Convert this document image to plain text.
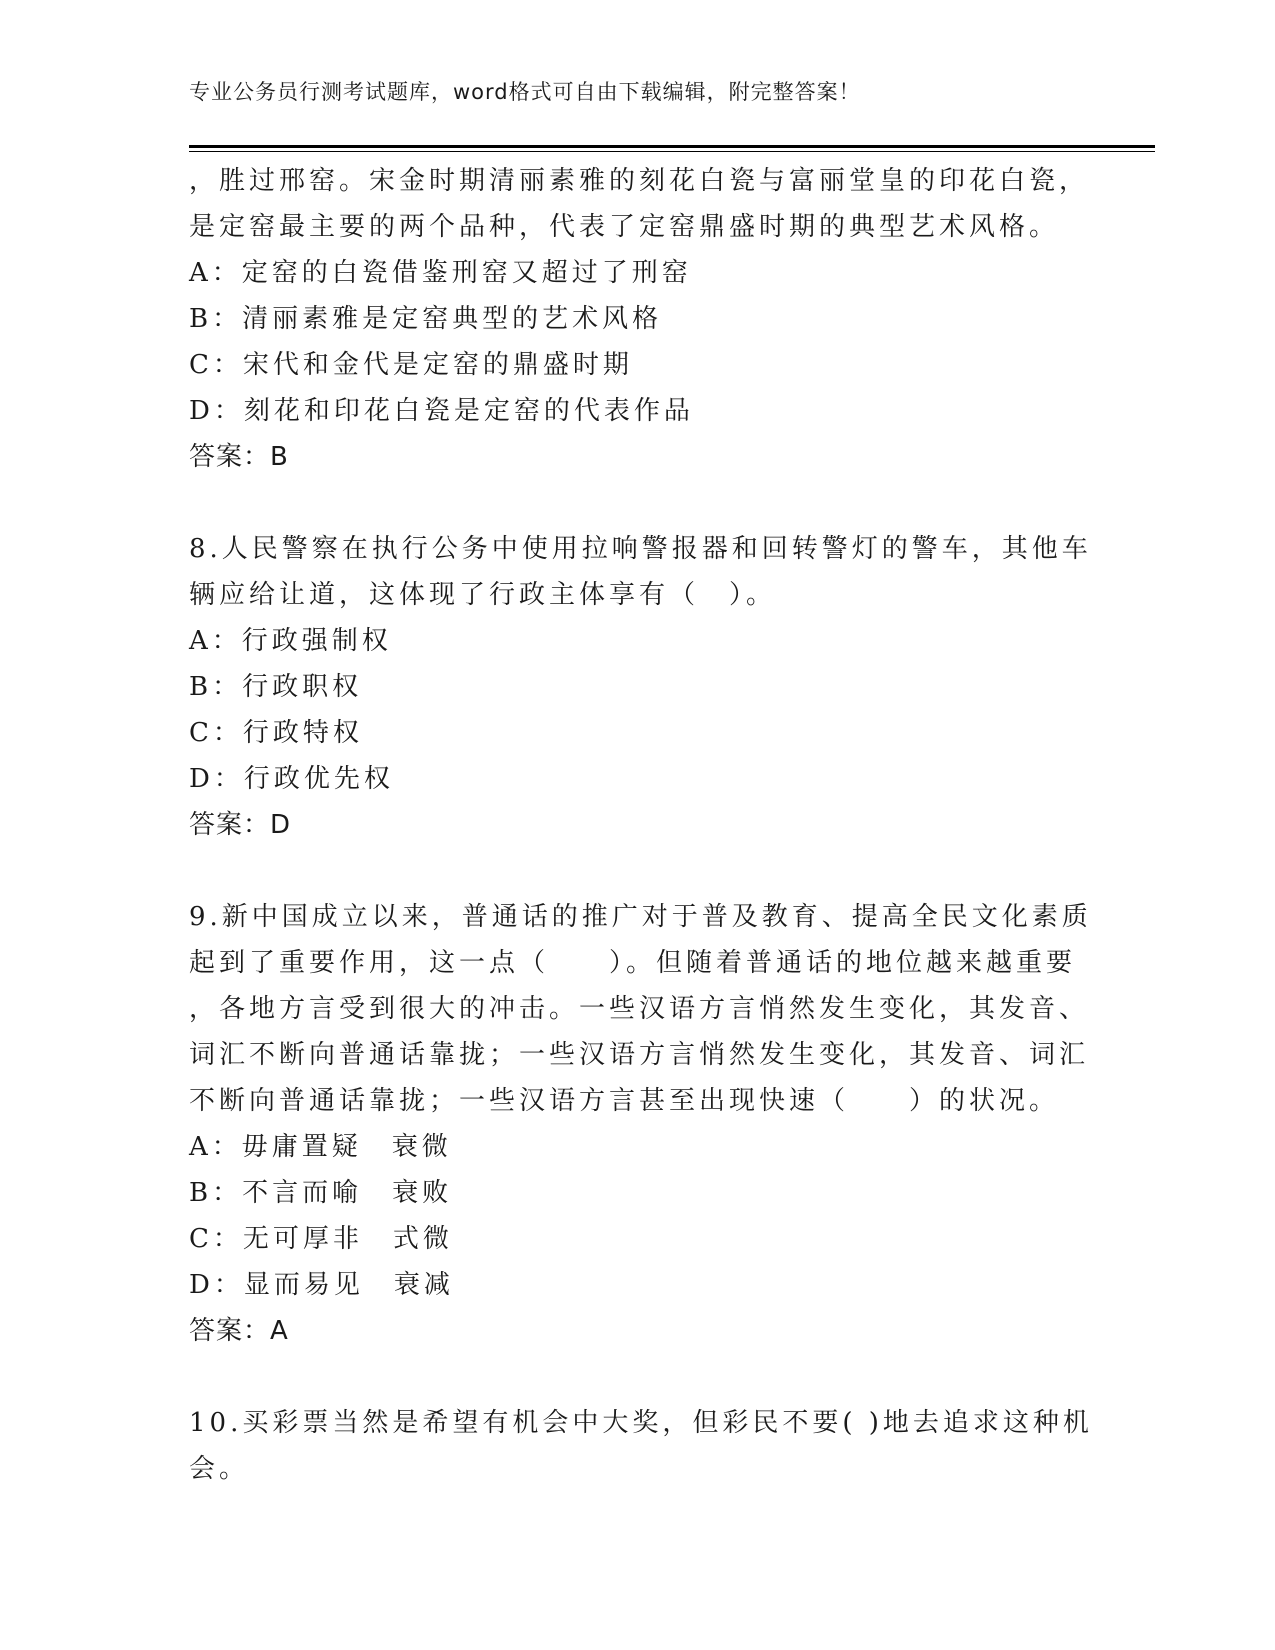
专业公务员行测考试题库，word格式可自由下载编辑，附完整答案！
，胜过邢窑。宋金时期清丽素雅的刻花白瓷与富丽堂皇的印花白瓷，
是定窑最主要的两个品种，代表了定窑鼎盛时期的典型艺术风格。
A：定窑的白瓷借鉴刑窑又超过了刑窑
B：清丽素雅是定窑典型的艺术风格
C：宋代和金代是定窑的鼎盛时期
D：刻花和印花白瓷是定窑的代表作品
答案：B
8.人民警察在执行公务中使用拉响警报器和回转警灯的警车，其他车
辆应给让道，这体现了行政主体享有（　）。
A：行政强制权
B：行政职权
C：行政特权
D：行政优先权
答案：D
9.新中国成立以来，普通话的推广对于普及教育、提高全民文化素质
起到了重要作用，这一点（　　）。但随着普通话的地位越来越重要
，各地方言受到很大的冲击。一些汉语方言悄然发生变化，其发音、
词汇不断向普通话靠拢；一些汉语方言悄然发生变化，其发音、词汇
不断向普通话靠拢；一些汉语方言甚至出现快速（　　）的状况。
A：毋庸置疑　衰微
B：不言而喻　衰败
C：无可厚非　式微
D：显而易见　衰减
答案：A
10.买彩票当然是希望有机会中大奖，但彩民不要( )地去追求这种机
会。
